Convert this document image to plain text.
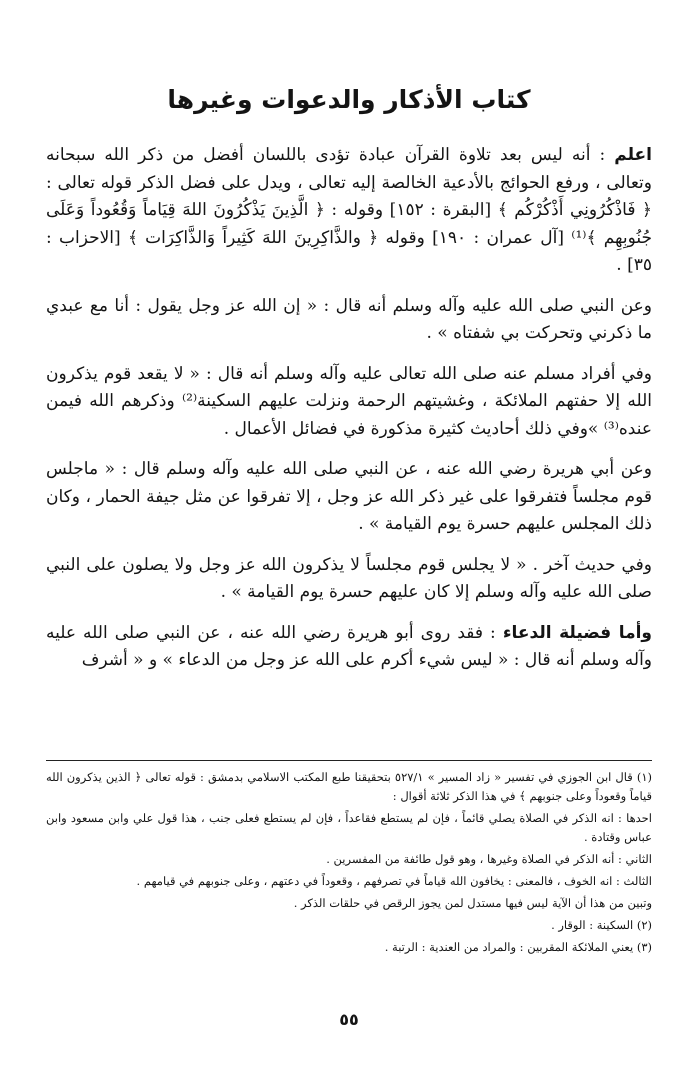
كتاب الأذكار والدعوات وغيرها

اعلم : أنه ليس بعد تلاوة القرآن عبادة تؤدى باللسان أفضل من ذكر الله سبحانه وتعالى ، ورفع الحوائج بالأدعية الخالصة إليه تعالى ، ويدل على فضل الذكر قوله تعالى : ﴿ فَاذْكُرُونِي أَذْكُرْكُم ﴾ [البقرة : ١٥٢] وقوله : ﴿ الَّذِينَ يَذْكُرُونَ اللهَ قِيَاماً وَقُعُوداً وَعَلَى جُنُوبِهِم ﴾⁽¹⁾ [آل عمران : ١٩٠] وقوله ﴿ والذَّاكِرِينَ اللهَ كَثِيراً وَالذَّاكِرَات ﴾ [الاحزاب : ٣٥] .

وعن النبي صلى الله عليه وآله وسلم أنه قال : « إن الله عز وجل يقول : أنا مع عبدي ما ذكرني وتحركت بي شفتاه » .

وفي أفراد مسلم عنه صلى الله تعالى عليه وآله وسلم أنه قال : « لا يقعد قوم يذكرون الله إلا حفتهم الملائكة ، وغشيتهم الرحمة ونزلت عليهم السكينة⁽²⁾ وذكرهم الله فيمن عنده⁽³⁾ »وفي ذلك أحاديث كثيرة مذكورة في فضائل الأعمال .

وعن أبي هريرة رضي الله عنه ، عن النبي صلى الله عليه وآله وسلم قال : « ماجلس قوم مجلساً فتفرقوا على غير ذكر الله عز وجل ، إلا تفرقوا عن مثل جيفة الحمار ، وكان ذلك المجلس عليهم حسرة يوم القيامة » .

وفي حديث آخر . « لا يجلس قوم مجلساً لا يذكرون الله عز وجل ولا يصلون على النبي صلى الله عليه وآله وسلم إلا كان عليهم حسرة يوم القيامة » .

وأما فضيلة الدعاء : فقد روى أبو هريرة رضي الله عنه ، عن النبي صلى الله عليه وآله وسلم أنه قال : « ليس شيء أكرم على الله عز وجل من الدعاء » و « أشرف

(١) قال ابن الجوزي في تفسير « زاد المسير » ٥٢٧/١ بتحقيقنا طبع المكتب الاسلامي بدمشق : قوله تعالى ﴿ الذين يذكرون الله قياماً وقعوداً وعلى جنوبهم ﴾ في هذا الذكر ثلاثة أقوال :

احدها : انه الذكر في الصلاة يصلي قائماً ، فإن لم يستطع فقاعداً ، فإن لم يستطع فعلى جنب ، هذا قول علي وابن مسعود وابن عباس وقتادة .

الثاني : أنه الذكر في الصلاة وغيرها ، وهو قول طائفة من المفسرين .

الثالث : انه الخوف ، فالمعنى : يخافون الله قياماً في تصرفهم ، وقعوداً في دعتهم ، وعلى جنوبهم في قيامهم .

وتبين من هذا أن الآية ليس فيها مستدل لمن يجوز الرقص في حلقات الذكر .

(٢) السكينة : الوقار .

(٣) يعني الملائكة المقربين : والمراد من العندية : الرتبة .

٥٥
